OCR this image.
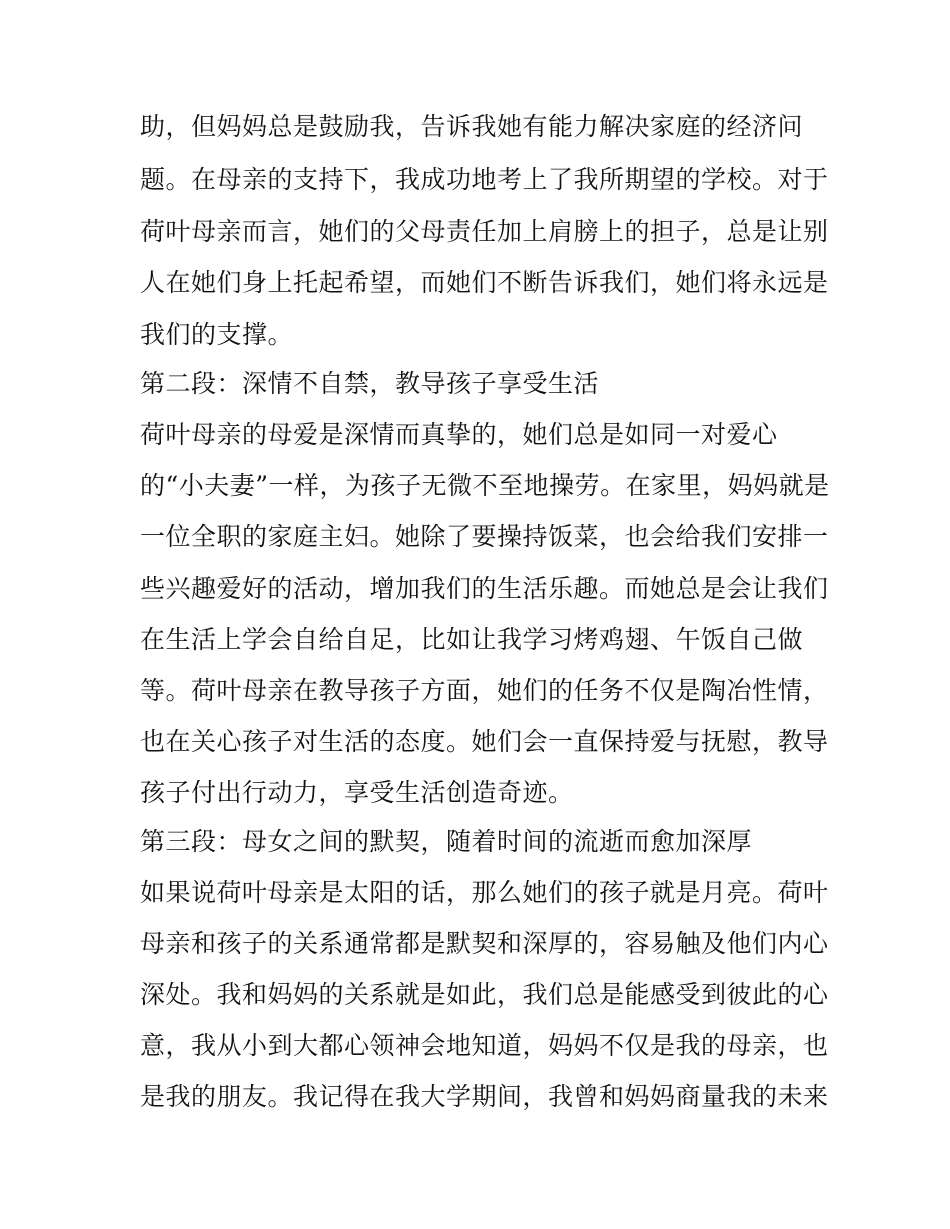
助，但妈妈总是鼓励我，告诉我她有能力解决家庭的经济问
题。在母亲的支持下，我成功地考上了我所期望的学校。对于
荷叶母亲而言，她们的父母责任加上肩膀上的担子，总是让别
人在她们身上托起希望，而她们不断告诉我们，她们将永远是
我们的支撑。
第二段：深情不自禁，教导孩子享受生活
荷叶母亲的母爱是深情而真挚的，她们总是如同一对爱心
的“小夫妻”一样，为孩子无微不至地操劳。在家里，妈妈就是
一位全职的家庭主妇。她除了要操持饭菜，也会给我们安排一
些兴趣爱好的活动，增加我们的生活乐趣。而她总是会让我们
在生活上学会自给自足，比如让我学习烤鸡翅、午饭自己做
等。荷叶母亲在教导孩子方面，她们的任务不仅是陶冶性情，
也在关心孩子对生活的态度。她们会一直保持爱与抚慰，教导
孩子付出行动力，享受生活创造奇迹。
第三段：母女之间的默契，随着时间的流逝而愈加深厚
如果说荷叶母亲是太阳的话，那么她们的孩子就是月亮。荷叶
母亲和孩子的关系通常都是默契和深厚的，容易触及他们内心
深处。我和妈妈的关系就是如此，我们总是能感受到彼此的心
意，我从小到大都心领神会地知道，妈妈不仅是我的母亲，也
是我的朋友。我记得在我大学期间，我曾和妈妈商量我的未来
